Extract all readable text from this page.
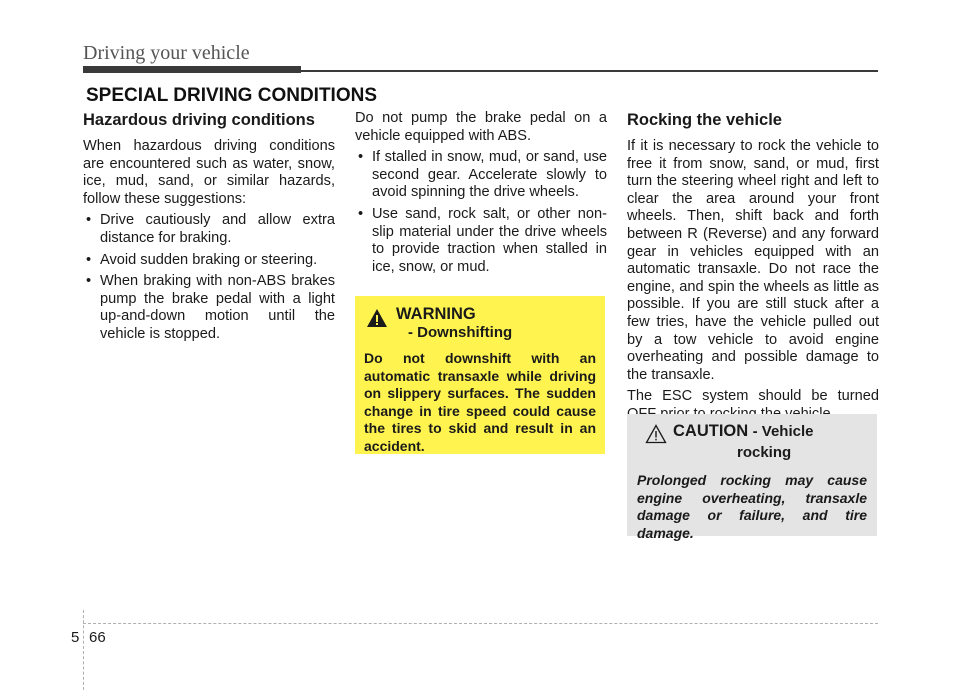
Driving your vehicle
SPECIAL DRIVING CONDITIONS
Hazardous driving conditions

When hazardous driving conditions are encountered such as water, snow, ice, mud, sand, or similar hazards, follow these suggestions:

• Drive cautiously and allow extra distance for braking.
• Avoid sudden braking or steering.
• When braking with non-ABS brakes pump the brake pedal with a light up-and-down motion until the vehicle is stopped.

Do not pump the brake pedal on a vehicle equipped with ABS.

• If stalled in snow, mud, or sand, use second gear. Accelerate slowly to avoid spinning the drive wheels.
• Use sand, rock salt, or other non-slip material under the drive wheels to provide traction when stalled in ice, snow, or mud.
WARNING
- Downshifting
Do not downshift with an automatic transaxle while driving on slippery surfaces. The sudden change in tire speed could cause the tires to skid and result in an accident.
Rocking the vehicle

If it is necessary to rock the vehicle to free it from snow, sand, or mud, first turn the steering wheel right and left to clear the area around your front wheels. Then, shift back and forth between R (Reverse) and any forward gear in vehicles equipped with an automatic transaxle. Do not race the engine, and spin the wheels as little as possible. If you are still stuck after a few tries, have the vehicle pulled out by a tow vehicle to avoid engine overheating and possible damage to the transaxle.

The ESC system should be turned

CAUTION - Vehicle
rocking
Prolonged rocking may cause engine overheating, transaxle damage or failure, and tire damage.
5 66
